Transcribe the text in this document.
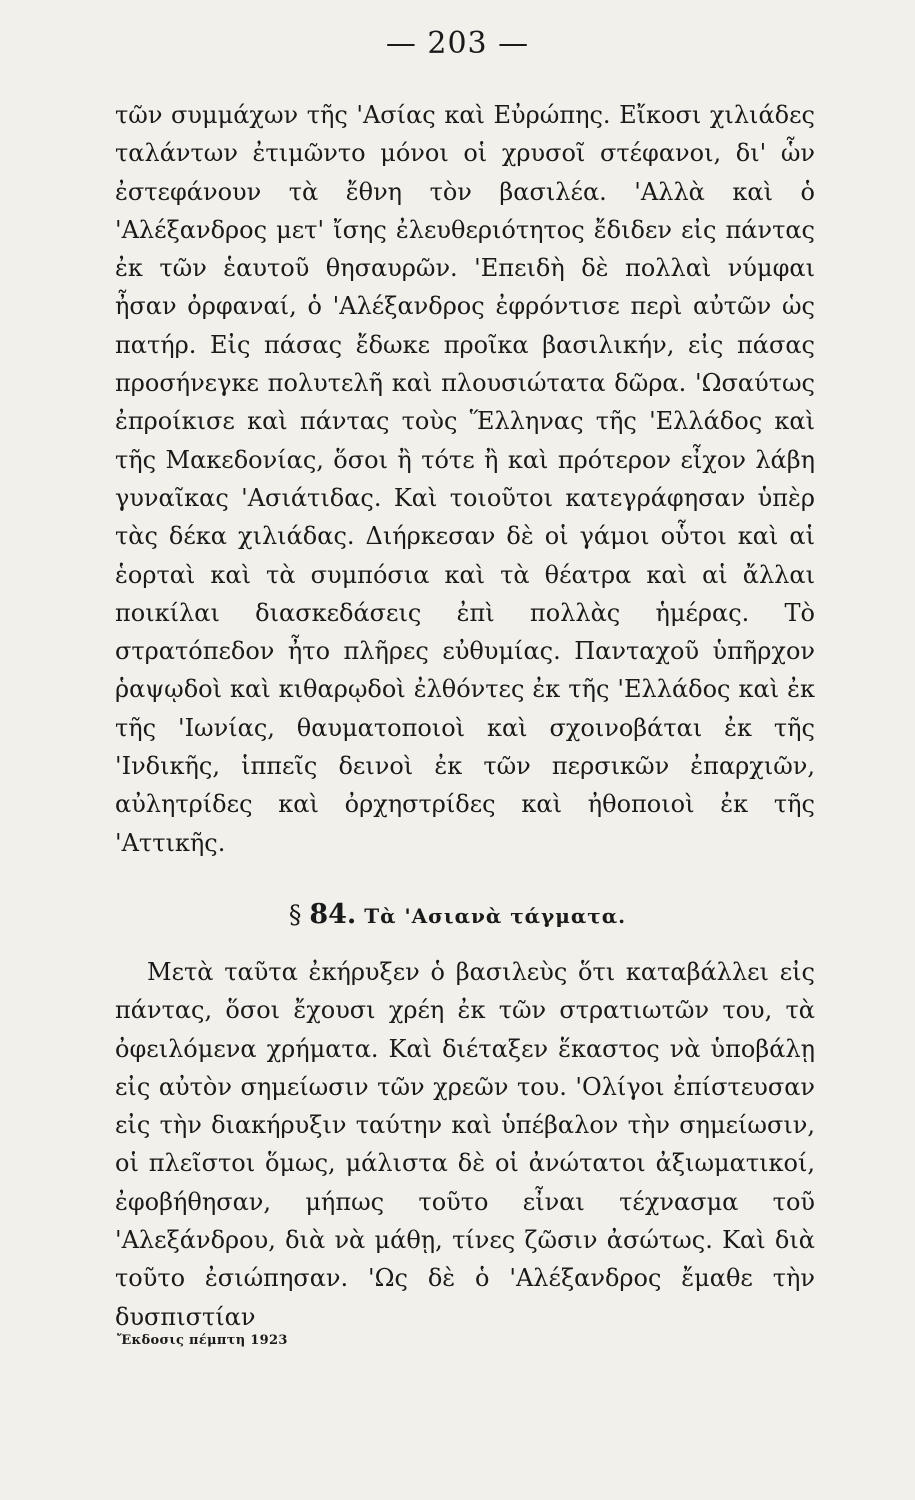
— 203 —

τῶν συμμάχων τῆς 'Ασίας καὶ Εὐρώπης. Εἴκοσι χιλιάδες ταλάντων ἐτιμῶντο μόνοι οἱ χρυσοῖ στέφανοι, δι' ὧν ἐστεφάνουν τὰ ἔθνη τὸν βασιλέα. 'Αλλὰ καὶ ὁ 'Αλέξανδρος μετ' ἴσης ἐλευθεριότητος ἔδιδεν εἰς πάντας ἐκ τῶν ἑαυτοῦ θησαυρῶν. 'Επειδὴ δὲ πολλαὶ νύμφαι ἦσαν ὀρφαναί, ὁ 'Αλέξανδρος ἐφρόντισε περὶ αὐτῶν ὡς πατήρ. Εἰς πάσας ἔδωκε προῖκα βασιλικήν, εἰς πάσας προσήνεγκε πολυτελῆ καὶ πλουσιώτατα δῶρα. 'Ωσαύτως ἐπροίκισε καὶ πάντας τοὺς Ἕλληνας τῆς 'Ελλάδος καὶ τῆς Μακεδονίας, ὅσοι ἢ τότε ἢ καὶ πρότερον εἶχον λάβη γυναῖκας 'Ασιάτιδας. Καὶ τοιοῦτοι κατεγράφησαν ὑπὲρ τὰς δέκα χιλιάδας. Διήρκεσαν δὲ οἱ γάμοι οὗτοι καὶ αἱ ἑορταὶ καὶ τὰ συμπόσια καὶ τὰ θέατρα καὶ αἱ ἄλλαι ποικίλαι διασκεδάσεις ἐπὶ πολλὰς ἡμέρας. Τὸ στρατόπεδον ἦτο πλῆρες εὐθυμίας. Πανταχοῦ ὑπῆρχον ῥαψῳδοὶ καὶ κιθαρῳδοὶ ἐλθόντες ἐκ τῆς 'Ελλάδος καὶ ἐκ τῆς 'Ιωνίας, θαυματοποιοὶ καὶ σχοινοβάται ἐκ τῆς 'Ινδικῆς, ἱππεῖς δεινοὶ ἐκ τῶν περσικῶν ἐπαρχιῶν, αὐλητρίδες καὶ ὀρχηστρίδες καὶ ἠθοποιοὶ ἐκ τῆς 'Αττικῆς.

§ 84. Τὰ 'Ασιανὰ τάγματα.

Μετὰ ταῦτα ἐκήρυξεν ὁ βασιλεὺς ὅτι καταβάλλει εἰς πάντας, ὅσοι ἔχουσι χρέη ἐκ τῶν στρατιωτῶν του, τὰ ὀφειλόμενα χρήματα. Καὶ διέταξεν ἕκαστος νὰ ὑποβάλῃ εἰς αὐτὸν σημείωσιν τῶν χρεῶν του. 'Ολίγοι ἐπίστευσαν εἰς τὴν διακήρυξιν ταύτην καὶ ὑπέβαλον τὴν σημείωσιν, οἱ πλεῖστοι ὅμως, μάλιστα δὲ οἱ ἀνώτατοι ἀξιωματικοί, ἐφοβήθησαν, μήπως τοῦτο εἶναι τέχνασμα τοῦ 'Αλεξάνδρου, διὰ νὰ μάθῃ, τίνες ζῶσιν ἀσώτως. Καὶ διὰ τοῦτο ἐσιώπησαν. 'Ως δὲ ὁ 'Αλέξανδρος ἔμαθε τὴν δυσπιστίαν

Ἔκδοσις πέμπτη 1923
